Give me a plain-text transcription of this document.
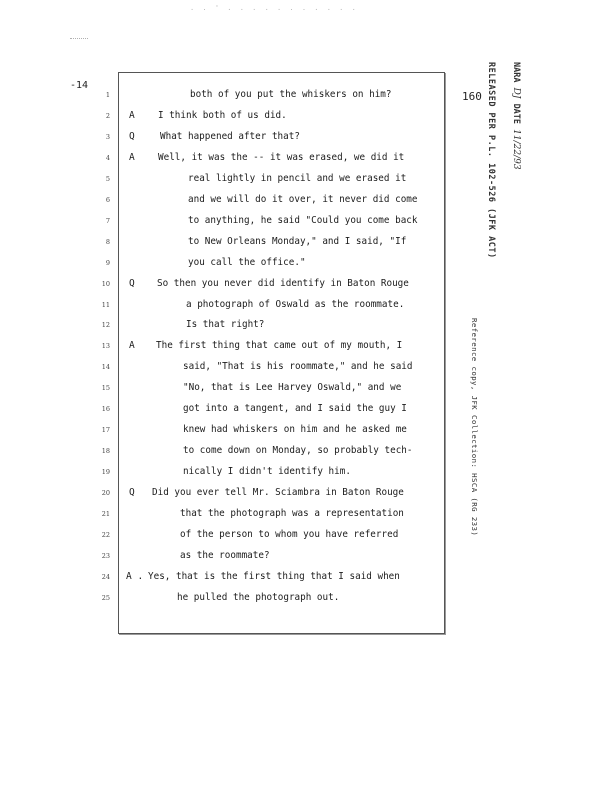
. . ' . . . . . . . . . . .
-14
160
1	both of you put the whiskers on him?
2 A	I think both of us did.
3 Q	What happened after that?
4 A	Well, it was the -- it was erased, we did it
5	real lightly in pencil and we erased it
6	and we will do it over, it never did come
7	to anything, he said "Could you come back
8	to New Orleans Monday," and I said, "If
9	you call the office."
10 Q So then you never did identify in Baton Rouge
11	a photograph of Oswald as the roommate.
12	Is that right?
13 A The first thing that came out of my mouth, I
14	said, "That is his roommate," and he said
15	"No, that is Lee Harvey Oswald," and we
16	got into a tangent, and I said the guy I
17	knew had whiskers on him and he asked me
18	to come down on Monday, so probably tech-
19	nically I didn't identify him.
20 Q Did you ever tell Mr. Sciambra in Baton Rouge
21	that the photograph was a representation
22	of the person to whom you have referred
23	as the roommate?
24 A . Yes, that is the first thing that I said when
25	he pulled the photograph out.
RELEASED PER P.L. 102-526 (JFK ACT) NARA DJ DATE 11/22/93
Reference copy, JFK Collection: HSCA (RG 233)
